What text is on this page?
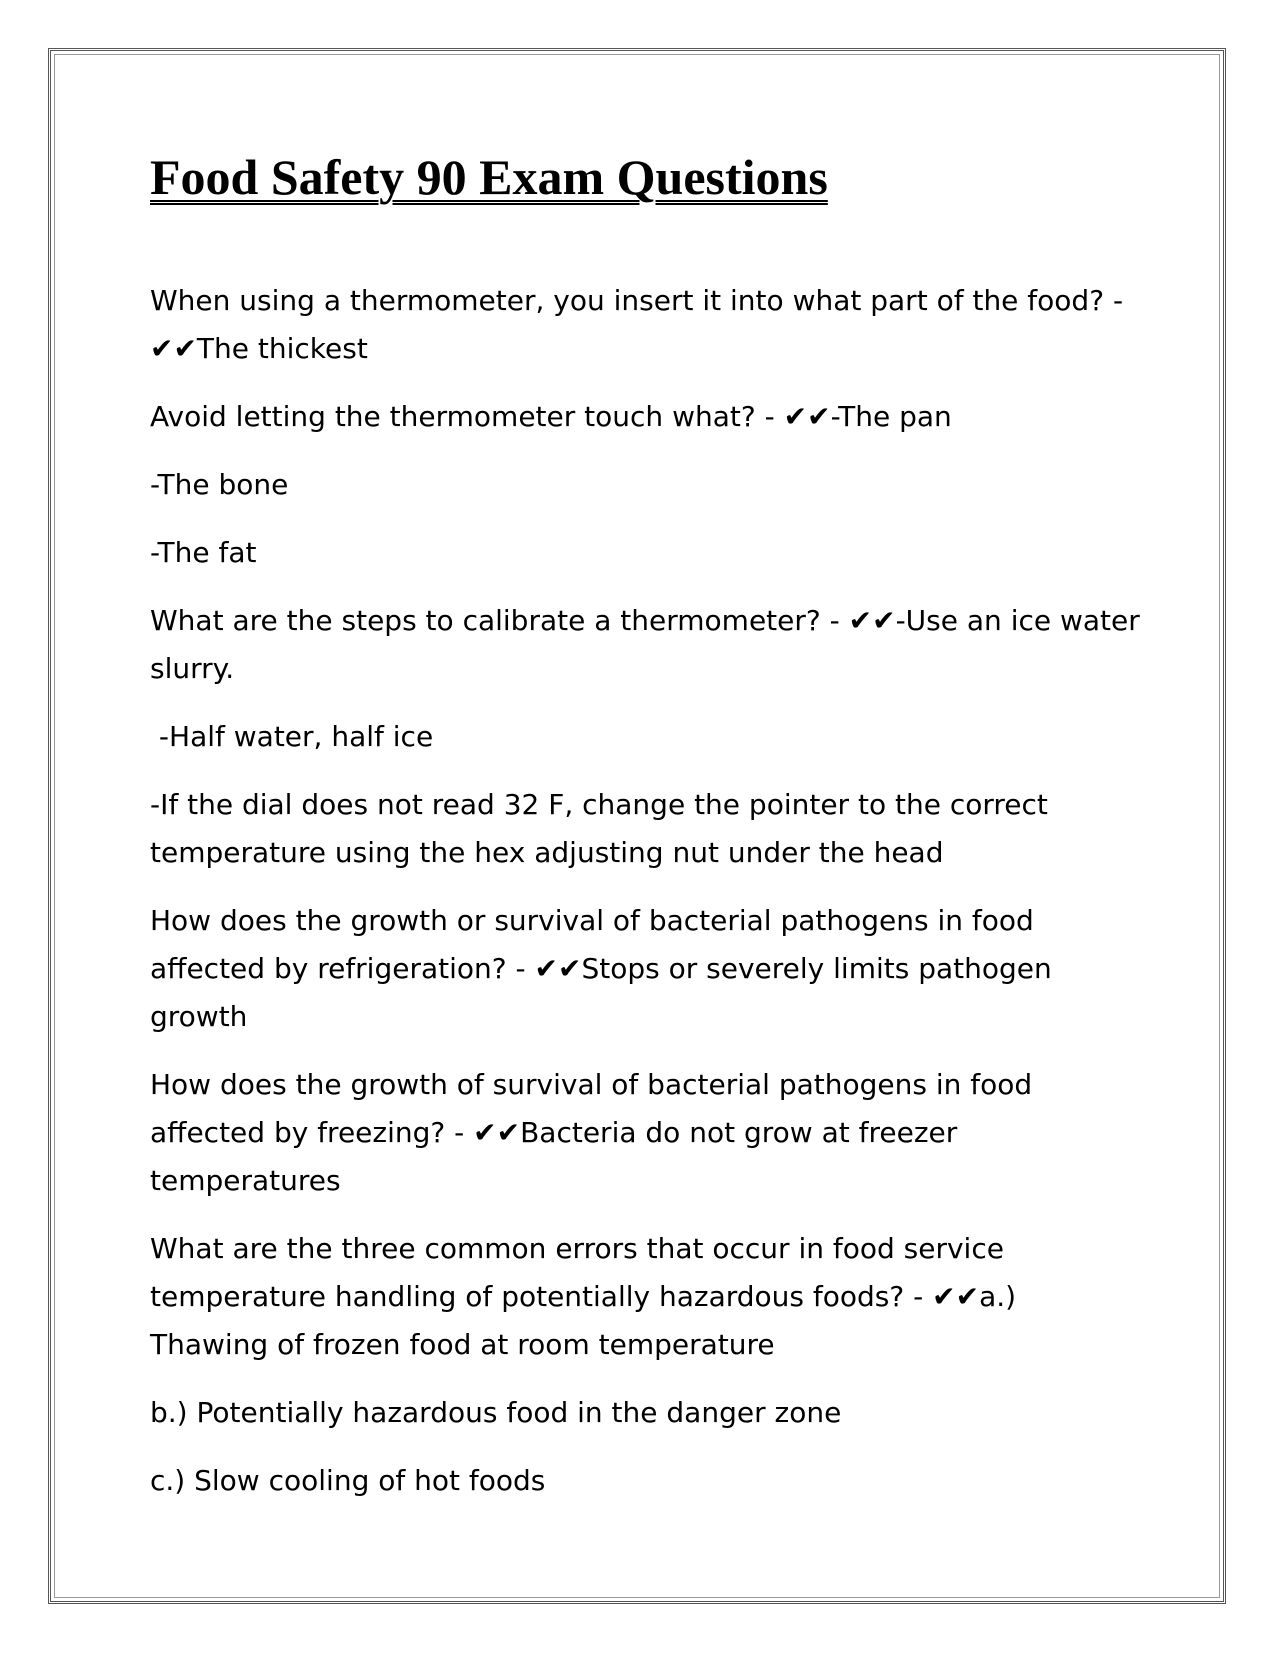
Food Safety 90 Exam Questions

When using a thermometer, you insert it into what part of the food? - ✔✔The thickest

Avoid letting the thermometer touch what? - ✔✔-The pan

-The bone

-The fat

What are the steps to calibrate a thermometer? - ✔✔-Use an ice water slurry.

-Half water, half ice

-If the dial does not read 32 F, change the pointer to the correct temperature using the hex adjusting nut under the head

How does the growth or survival of bacterial pathogens in food affected by refrigeration? - ✔✔Stops or severely limits pathogen growth

How does the growth of survival of bacterial pathogens in food affected by freezing? - ✔✔Bacteria do not grow at freezer temperatures

What are the three common errors that occur in food service temperature handling of potentially hazardous foods? - ✔✔a.) Thawing of frozen food at room temperature

b.) Potentially hazardous food in the danger zone

c.) Slow cooling of hot foods
